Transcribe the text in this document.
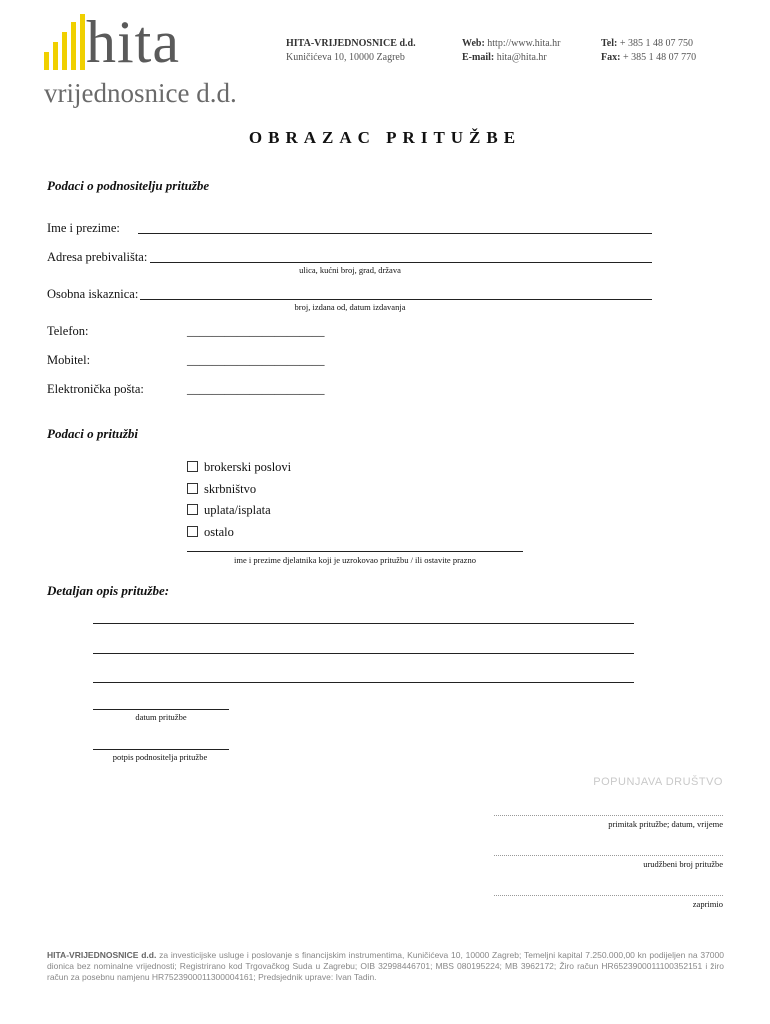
hita
vrijednosnice d.d.
HITA-VRIJEDNOSNICE d.d.
Kuničićeva 10, 10000 Zagreb
Web: http://www.hita.hr
E-mail: hita@hita.hr
Tel: + 385 1 48 07 750
Fax: + 385 1 48 07 770
OBRAZAC PRITUŽBE
Podaci o podnositelju pritužbe
Ime i prezime:
Adresa prebivališta:
ulica, kućni broj, grad, država
Osobna iskaznica:
broj, izdana od, datum izdavanja
Telefon:	______________________
Mobitel:	______________________
Elektronička pošta:	______________________
Podaci o pritužbi
brokerski poslovi
skrbništvo
uplata/isplata
ostalo
ime i prezime djelatnika koji je uzrokovao pritužbu / ili ostavite prazno
Detaljan opis pritužbe:
datum pritužbe
potpis podnositelja pritužbe
POPUNJAVA DRUŠTVO
primitak pritužbe; datum, vrijeme
urudžbeni broj pritužbe
zaprimio
HITA-VRIJEDNOSNICE d.d. za investicijske usluge i poslovanje s financijskim instrumentima, Kuničićeva 10, 10000 Zagreb; Temeljni kapital 7.250.000,00 kn podijeljen na 37000 dionica bez nominalne vrijednosti; Registrirano kod Trgovačkog Suda u Zagrebu; OIB 32998446701; MBS 080195224; MB 3962172; Žiro račun HR6523900011100352151 i žiro račun za posebnu namjenu HR7523900011300004161; Predsjednik uprave: Ivan Tadin.
